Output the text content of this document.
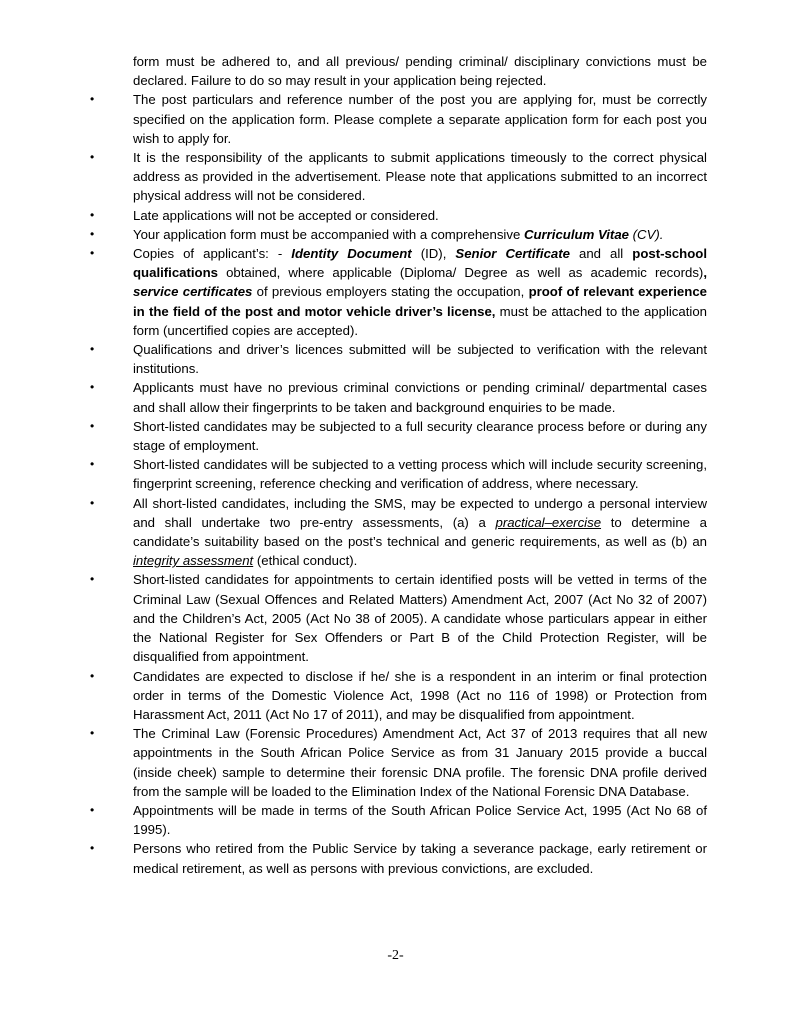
form must be adhered to, and all previous/ pending criminal/ disciplinary convictions must be declared. Failure to do so may result in your application being rejected.

•	The post particulars and reference number of the post you are applying for, must be correctly specified on the application form. Please complete a separate application form for each post you wish to apply for.

•	It is the responsibility of the applicants to submit applications timeously to the correct physical address as provided in the advertisement. Please note that applications submitted to an incorrect physical address will not be considered.

•	Late applications will not be accepted or considered.

•	Your application form must be accompanied with a comprehensive Curriculum Vitae (CV).

•	Copies of applicant’s: - Identity Document (ID), Senior Certificate and all post-school qualifications obtained, where applicable (Diploma/ Degree as well as academic records), service certificates of previous employers stating the occupation, proof of relevant experience in the field of the post and motor vehicle driver’s license, must be attached to the application form (uncertified copies are accepted).

•	Qualifications and driver’s licences submitted will be subjected to verification with the relevant institutions.

•	Applicants must have no previous criminal convictions or pending criminal/ departmental cases and shall allow their fingerprints to be taken and background enquiries to be made.

•	Short-listed candidates may be subjected to a full security clearance process before or during any stage of employment.

•	Short-listed candidates will be subjected to a vetting process which will include security screening, fingerprint screening, reference checking and verification of address, where necessary.

•	All short-listed candidates, including the SMS, may be expected to undergo a personal interview and shall undertake two pre-entry assessments, (a) a practical–exercise to determine a candidate’s suitability based on the post’s technical and generic requirements, as well as (b) an integrity assessment (ethical conduct).

•	Short-listed candidates for appointments to certain identified posts will be vetted in terms of the Criminal Law (Sexual Offences and Related Matters) Amendment Act, 2007 (Act No 32 of 2007) and the Children’s Act, 2005 (Act No 38 of 2005). A candidate whose particulars appear in either the National Register for Sex Offenders or Part B of the Child Protection Register, will be disqualified from appointment.

•	Candidates are expected to disclose if he/ she is a respondent in an interim or final protection order in terms of the Domestic Violence Act, 1998 (Act no 116 of 1998) or Protection from Harassment Act, 2011 (Act No 17 of 2011), and may be disqualified from appointment.

•	The Criminal Law (Forensic Procedures) Amendment Act, Act 37 of 2013 requires that all new appointments in the South African Police Service as from 31 January 2015 provide a buccal (inside cheek) sample to determine their forensic DNA profile. The forensic DNA profile derived from the sample will be loaded to the Elimination Index of the National Forensic DNA Database.

•	Appointments will be made in terms of the South African Police Service Act, 1995 (Act No 68 of 1995).

•	Persons who retired from the Public Service by taking a severance package, early retirement or medical retirement, as well as persons with previous convictions, are excluded.

-2-
